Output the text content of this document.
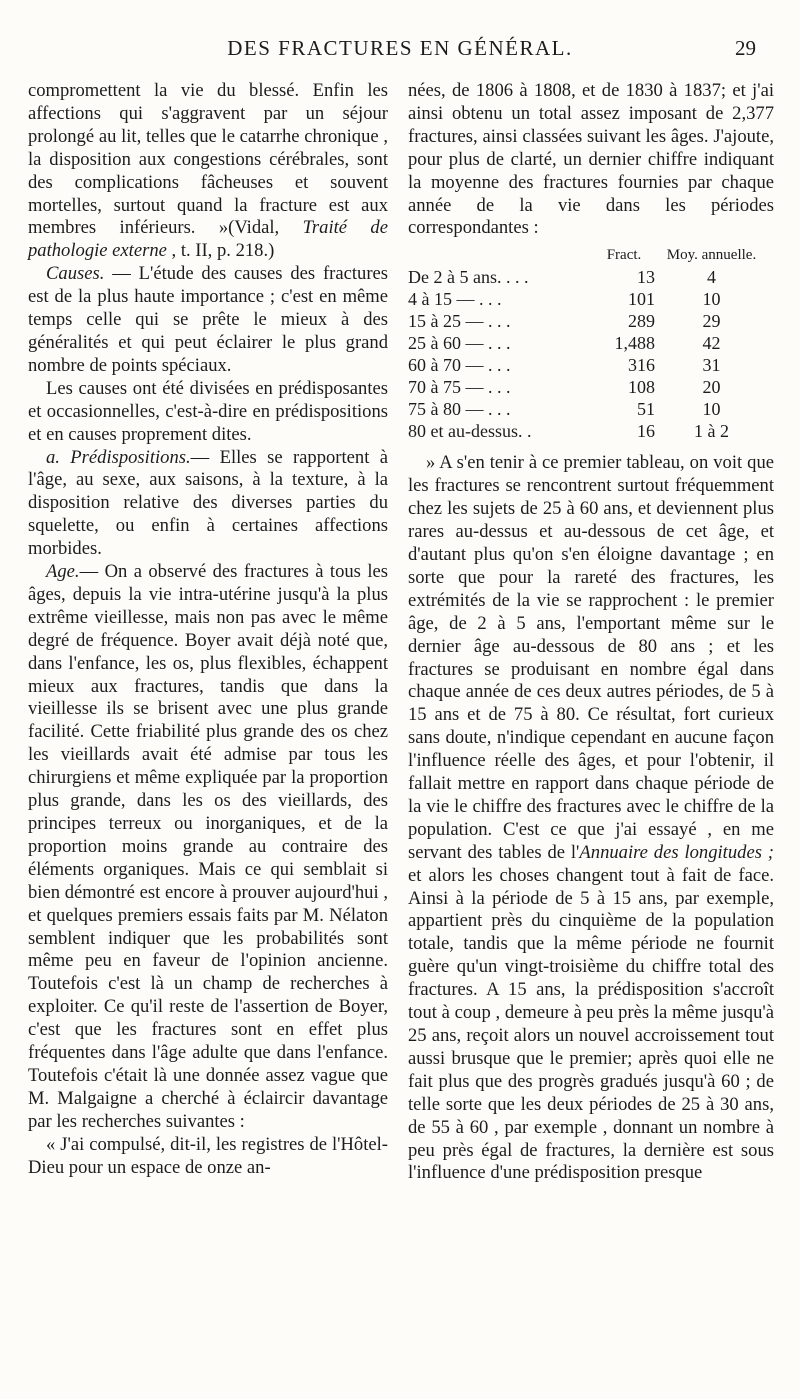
DES FRACTURES EN GÉNÉRAL.	29

compromettent la vie du blessé. Enfin les affections qui s'aggravent par un séjour prolongé au lit, telles que le catarrhe chronique , la disposition aux congestions cérébrales, sont des complications fâcheuses et souvent mortelles, surtout quand la fracture est aux membres inférieurs. »(Vidal, Traité de pathologie externe , t. II, p. 218.)

Causes. — L'étude des causes des fractures est de la plus haute importance ; c'est en même temps celle qui se prête le mieux à des généralités et qui peut éclairer le plus grand nombre de points spéciaux.

Les causes ont été divisées en prédisposantes et occasionnelles, c'est-à-dire en prédispositions et en causes proprement dites.

a. Prédispositions.— Elles se rapportent à l'âge, au sexe, aux saisons, à la texture, à la disposition relative des diverses parties du squelette, ou enfin à certaines affections morbides.

Age.— On a observé des fractures à tous les âges, depuis la vie intra-utérine jusqu'à la plus extrême vieillesse, mais non pas avec le même degré de fréquence. Boyer avait déjà noté que, dans l'enfance, les os, plus flexibles, échappent mieux aux fractures, tandis que dans la vieillesse ils se brisent avec une plus grande facilité. Cette friabilité plus grande des os chez les vieillards avait été admise par tous les chirurgiens et même expliquée par la proportion plus grande, dans les os des vieillards, des principes terreux ou inorganiques, et de la proportion moins grande au contraire des éléments organiques. Mais ce qui semblait si bien démontré est encore à prouver aujourd'hui , et quelques premiers essais faits par M. Nélaton semblent indiquer que les probabilités sont même peu en faveur de l'opinion ancienne. Toutefois c'est là un champ de recherches à exploiter. Ce qu'il reste de l'assertion de Boyer, c'est que les fractures sont en effet plus fréquentes dans l'âge adulte que dans l'enfance. Toutefois c'était là une donnée assez vague que M. Malgaigne a cherché à éclaircir davantage par les recherches suivantes :

« J'ai compulsé, dit-il, les registres de l'Hôtel-Dieu pour un espace de onze an-

nées, de 1806 à 1808, et de 1830 à 1837; et j'ai ainsi obtenu un total assez imposant de 2,377 fractures, ainsi classées suivant les âges. J'ajoute, pour plus de clarté, un dernier chiffre indiquant la moyenne des fractures fournies par chaque année de la vie dans les périodes correspondantes :

	Fract.	Moy. annuelle.
De 2 à 5 ans. . . .	13	4
4 à 15 — . . .	101	10
15 à 25 — . . .	289	29
25 à 60 — . . .	1,488	42
60 à 70 — . . .	316	31
70 à 75 — . . .	108	20
75 à 80 — . . .	51	10
80 et au-dessus. .	16	1 à 2

» A s'en tenir à ce premier tableau, on voit que les fractures se rencontrent surtout fréquemment chez les sujets de 25 à 60 ans, et deviennent plus rares au-dessus et au-dessous de cet âge, et d'autant plus qu'on s'en éloigne davantage ; en sorte que pour la rareté des fractures, les extrémités de la vie se rapprochent : le premier âge, de 2 à 5 ans, l'emportant même sur le dernier âge au-dessous de 80 ans ; et les fractures se produisant en nombre égal dans chaque année de ces deux autres périodes, de 5 à 15 ans et de 75 à 80. Ce résultat, fort curieux sans doute, n'indique cependant en aucune façon l'influence réelle des âges, et pour l'obtenir, il fallait mettre en rapport dans chaque période de la vie le chiffre des fractures avec le chiffre de la population. C'est ce que j'ai essayé , en me servant des tables de l'Annuaire des longitudes ; et alors les choses changent tout à fait de face. Ainsi à la période de 5 à 15 ans, par exemple, appartient près du cinquième de la population totale, tandis que la même période ne fournit guère qu'un vingt-troisième du chiffre total des fractures. A 15 ans, la prédisposition s'accroît tout à coup , demeure à peu près la même jusqu'à 25 ans, reçoit alors un nouvel accroissement tout aussi brusque que le premier; après quoi elle ne fait plus que des progrès gradués jusqu'à 60 ; de telle sorte que les deux périodes de 25 à 30 ans, de 55 à 60 , par exemple , donnant un nombre à peu près égal de fractures, la dernière est sous l'influence d'une prédisposition presque
